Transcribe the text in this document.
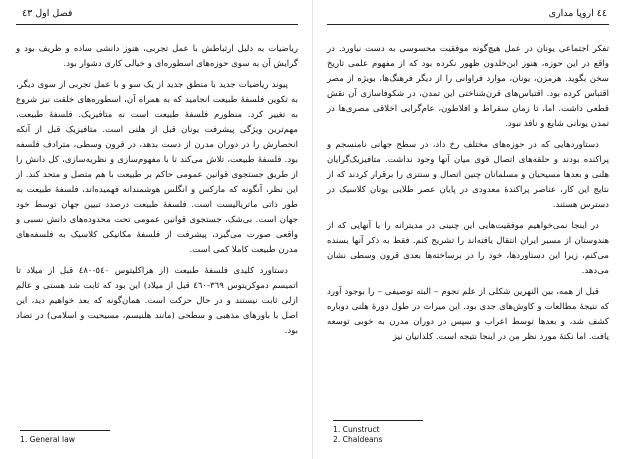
فصل اول ٤٣

ریاضیات به دلیل ارتباطش با عمل تجربی، هنوز دانشی ساده و ظریف بود و گرایش آن به سوی حوزه‌های اسطوره‌ای و خیالی کاری دشوار بود.

پیوند ریاضیات جدید با منطق جدید از یک سو و با عمل تجربی از سوی دیگر، به تکوین فلسفهٔ طبیعت انجامید که به همراه آن، اسطوره‌های خلقت نیز شروع به تغییر کرد. منظورم فلسفهٔ طبیعت است نه متافیزیک. فلسفهٔ طبیعت، مهم‌ترین ویژگی پیشرفت یونان قبل از هلنی است. متافیزیک قبل از آنکه انحصارش را در دوران مدرن از دست بدهد، در قرون وسطی، مترادف فلسفه بود. فلسفهٔ طبیعت، تلاش می‌کند تا با مفهوم‌سازی و نظریه‌سازی، کل دانش را از طریق جستجوی قوانین عمومی حاکم بر طبیعت با هم متصل و متحد کند. از این نظر، آنگونه که مارکس و انگلس هوشمندانه فهمیده‌اند، فلسفهٔ طبیعت به طور ذاتی ماتریالیست است. فلسفهٔ طبیعت درصدد تبیین جهان توسط خود جهان است. بی‌شک، جستجوی قوانین عمومی تحت محدوده‌های دانش نسبی و واقعی صورت می‌گیرد، پیشرفت از فلسفهٔ مکانیکی کلاسیک به فلسفه‌های مدرن طبیعت کاملا کمی است.

دستاورد کلیدی فلسفهٔ طبیعت (از هراکلیتوس ٥٤٠-٤٨٠ قبل از میلاد تا اتمیسم دموکریتوس ٣٦٩-٤٦٠ قبل از میلاد) این بود که ثابت شد هستی و عالم ازلی ثابت نیستند و در حال حرکت است. همان‌گونه که بعد خواهیم دید، این اصل با باورهای مذهبی و سطحی (مانند هلنیسم، مسیحیت و اسلامی) در تضاد بود.

1. General law
٤٤ اروپا مداری

تفکر اجتماعی یونان در عمل هیچ‌گونه موفقیت محسوسی به دست نیاورد. در واقع در این حوزه، هنوز ابن‌خلدون ظهور نکرده بود که از مفهوم علمی تاریخ سخن بگوید. هرمزن، یونان، موارد فراوانی را از دیگر فرهنگ‌ها، بویژه از مصر اقتباس کرده بود. اقتباس‌های قرن‌شناختی این تمدن، در شکوفاسازی آن نقش قطعی داشت. اما، تا زمان سقراط و افلاطون، عام‌گرایی اخلاقی مصری‌ها در تمدن یونانی شایع و نافذ نبود.

دستاوردهایی که در حوزه‌های مختلف رخ داد، در سطح جهانی نامنسجم و پراکنده بودند و حلقه‌های اتصال قوی میان آنها وجود نداشت. متافیزیک‌گرایان هلنی و بعدها مسیحیان و مسلمانان چنین اتصال و سنتزی را برقرار کردند که از نتایج این کار، عناصر پراکندهٔ معدودی در پایان عصر طلایی یونان کلاسیک در دسترس هستند.

در اینجا نمی‌خواهیم موفقیت‌هایی این چنینی در مدیترانه را با آنهایی که از هندوستان از مسیر ایران انتقال یافته‌اند را تشریح کنم. فقط به ذکر آنها بسنده می‌کنم، زیرا این دستاوردها، خود را در برساخته‌ها بعدی قرون وسطی نشان می‌دهد.

قبل از همه، بین النهرین شکلی از علم نجوم – البته توصیفی – را بوجود آورد که نتیجهٔ مطالعات و کاوش‌های جدی بود. این میراث در طول دورهٔ هلنی دوباره کشف شد، و بعدها توسط اعراب و سپس در دوران مدرن به خوبی توسعه یافت. اما نکتهٔ مورد نظر من در اینجا نتیجه است. کلدانیان نیز

1. Cunstruct
2. Chaldeans
